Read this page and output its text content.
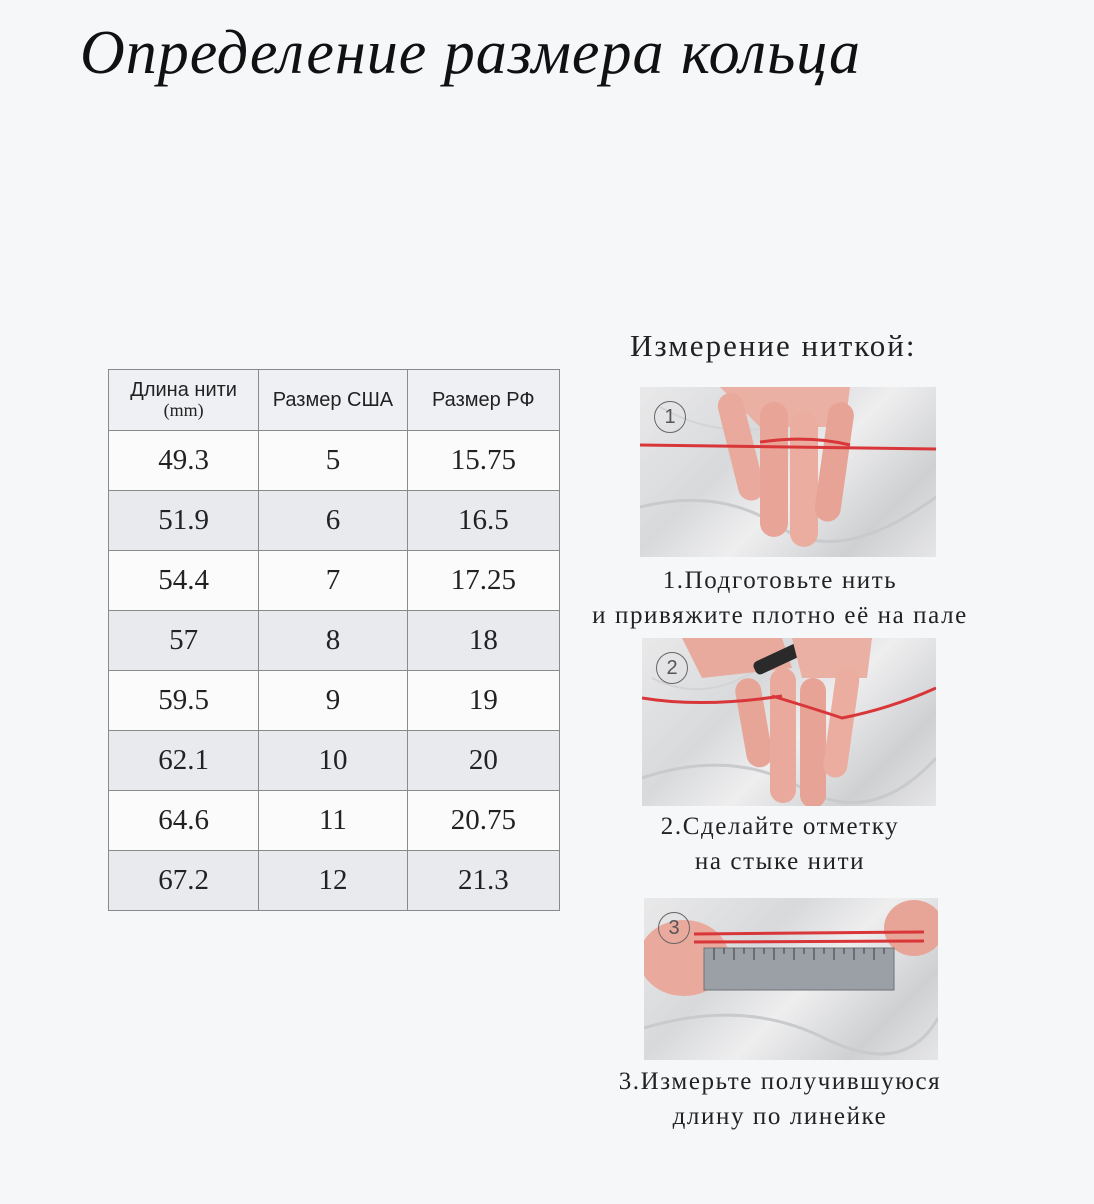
Определение размера кольца
Длина нити
(mm)	Размер США	Размер РФ
49.3	5	15.75
51.9	6	16.5
54.4	7	17.25
57	8	18
59.5	9	19
62.1	10	20
64.6	11	20.75
67.2	12	21.3
Измерение ниткой:
1
1.Подготовьте нить
и привяжите плотно её на пале
2
2.Сделайте отметку
на стыке нити
3
3.Измерьте получившуюся
длину по линейке
